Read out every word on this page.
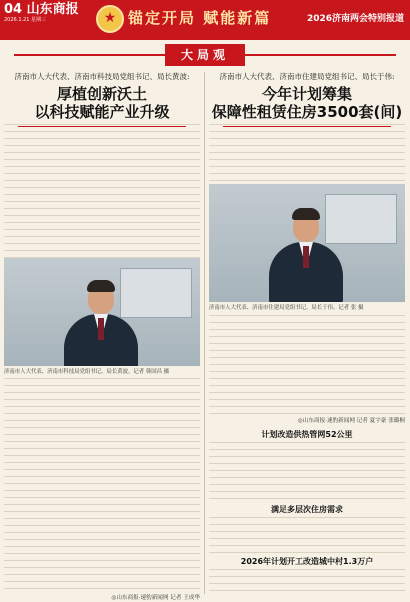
04 山东商报
2026.1.21 星期三
★	锚定开局 赋能新篇	2026济南两会特别报道
大局观
济南市人大代表、济南市科技局党组书记、局长黄波:
厚植创新沃土
以科技赋能产业升级
济南市人大代表、济南市科技局党组书记、局长黄波。记者 韩国昌 摄
◎山东商报·速豹新闻网 记者 王成华
济南市人大代表、济南市住建局党组书记、局长于伟:
今年计划筹集
保障性租赁住房3500套(间)
济南市人大代表、济南市住建局党组书记、局长于伟。记者 张 摄
◎山东商报·速豹新闻网 记者 夏宇豪 张璐桐
计划改造供热管网52公里
满足多层次住房需求
2026年计划开工改造城中村1.3万户
